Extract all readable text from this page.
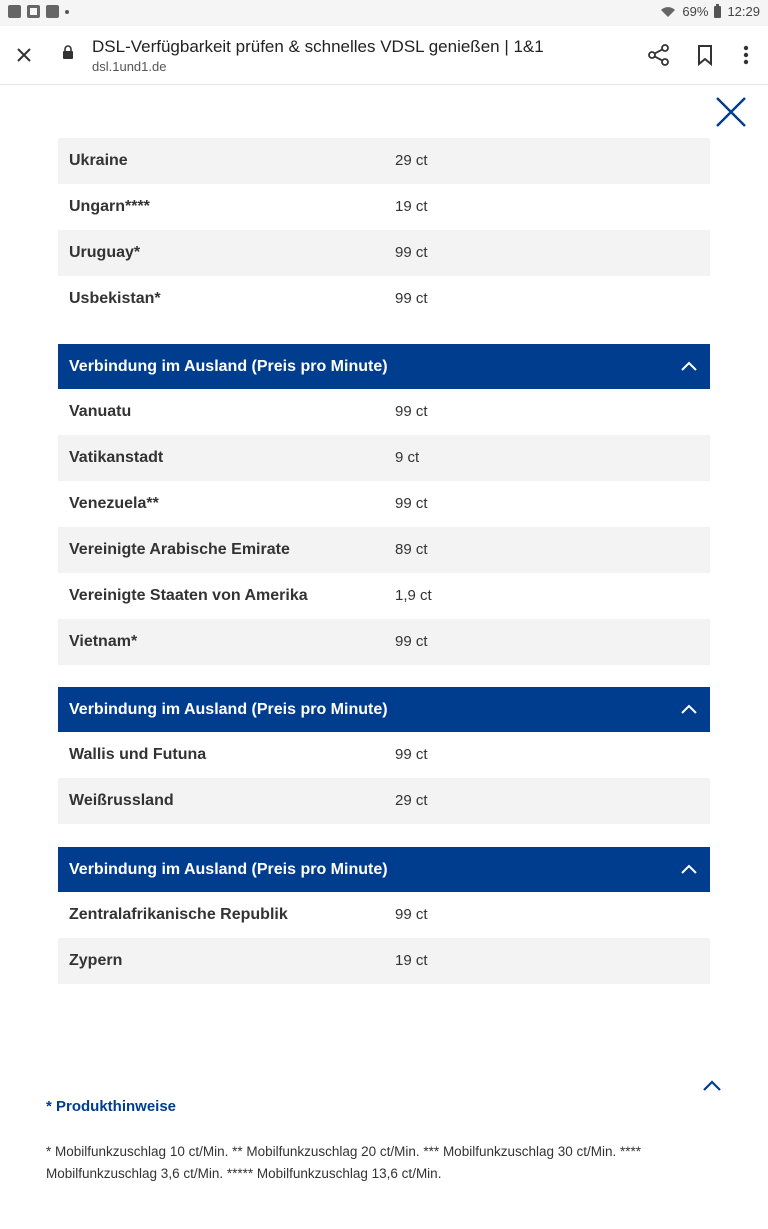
69% 12:29
DSL-Verfügbarkeit prüfen & schnelles VDSL genießen | 1&1
dsl.1und1.de
Ukraine	29 ct
Ungarn****	19 ct
Uruguay*	99 ct
Usbekistan*	99 ct
Verbindung im Ausland (Preis pro Minute)
Vanuatu	99 ct
Vatikanstadt	9 ct
Venezuela**	99 ct
Vereinigte Arabische Emirate	89 ct
Vereinigte Staaten von Amerika	1,9 ct
Vietnam*	99 ct
Verbindung im Ausland (Preis pro Minute)
Wallis und Futuna	99 ct
Weißrussland	29 ct
Verbindung im Ausland (Preis pro Minute)
Zentralafrikanische Republik	99 ct
Zypern	19 ct
* Produkthinweise
* Mobilfunkzuschlag 10 ct/Min. ** Mobilfunkzuschlag 20 ct/Min. *** Mobilfunkzuschlag 30 ct/Min. **** Mobilfunkzuschlag 3,6 ct/Min. ***** Mobilfunkzuschlag 13,6 ct/Min.
